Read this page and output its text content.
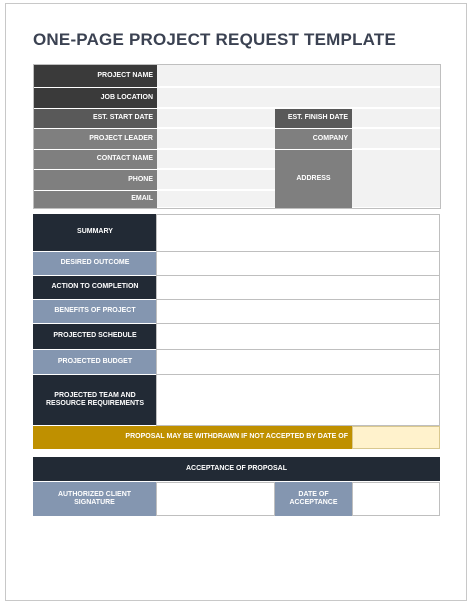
ONE-PAGE PROJECT REQUEST TEMPLATE
PROJECT NAME
JOB LOCATION
EST. START DATE	EST. FINISH DATE
PROJECT LEADER	COMPANY
CONTACT NAME
PHONE
EMAIL
ADDRESS
SUMMARY
DESIRED OUTCOME
ACTION TO COMPLETION
BENEFITS OF PROJECT
PROJECTED SCHEDULE
PROJECTED BUDGET
PROJECTED TEAM AND RESOURCE REQUIREMENTS
PROPOSAL MAY BE WITHDRAWN IF NOT ACCEPTED BY DATE OF
ACCEPTANCE OF PROPOSAL
AUTHORIZED CLIENT SIGNATURE
DATE OF ACCEPTANCE
